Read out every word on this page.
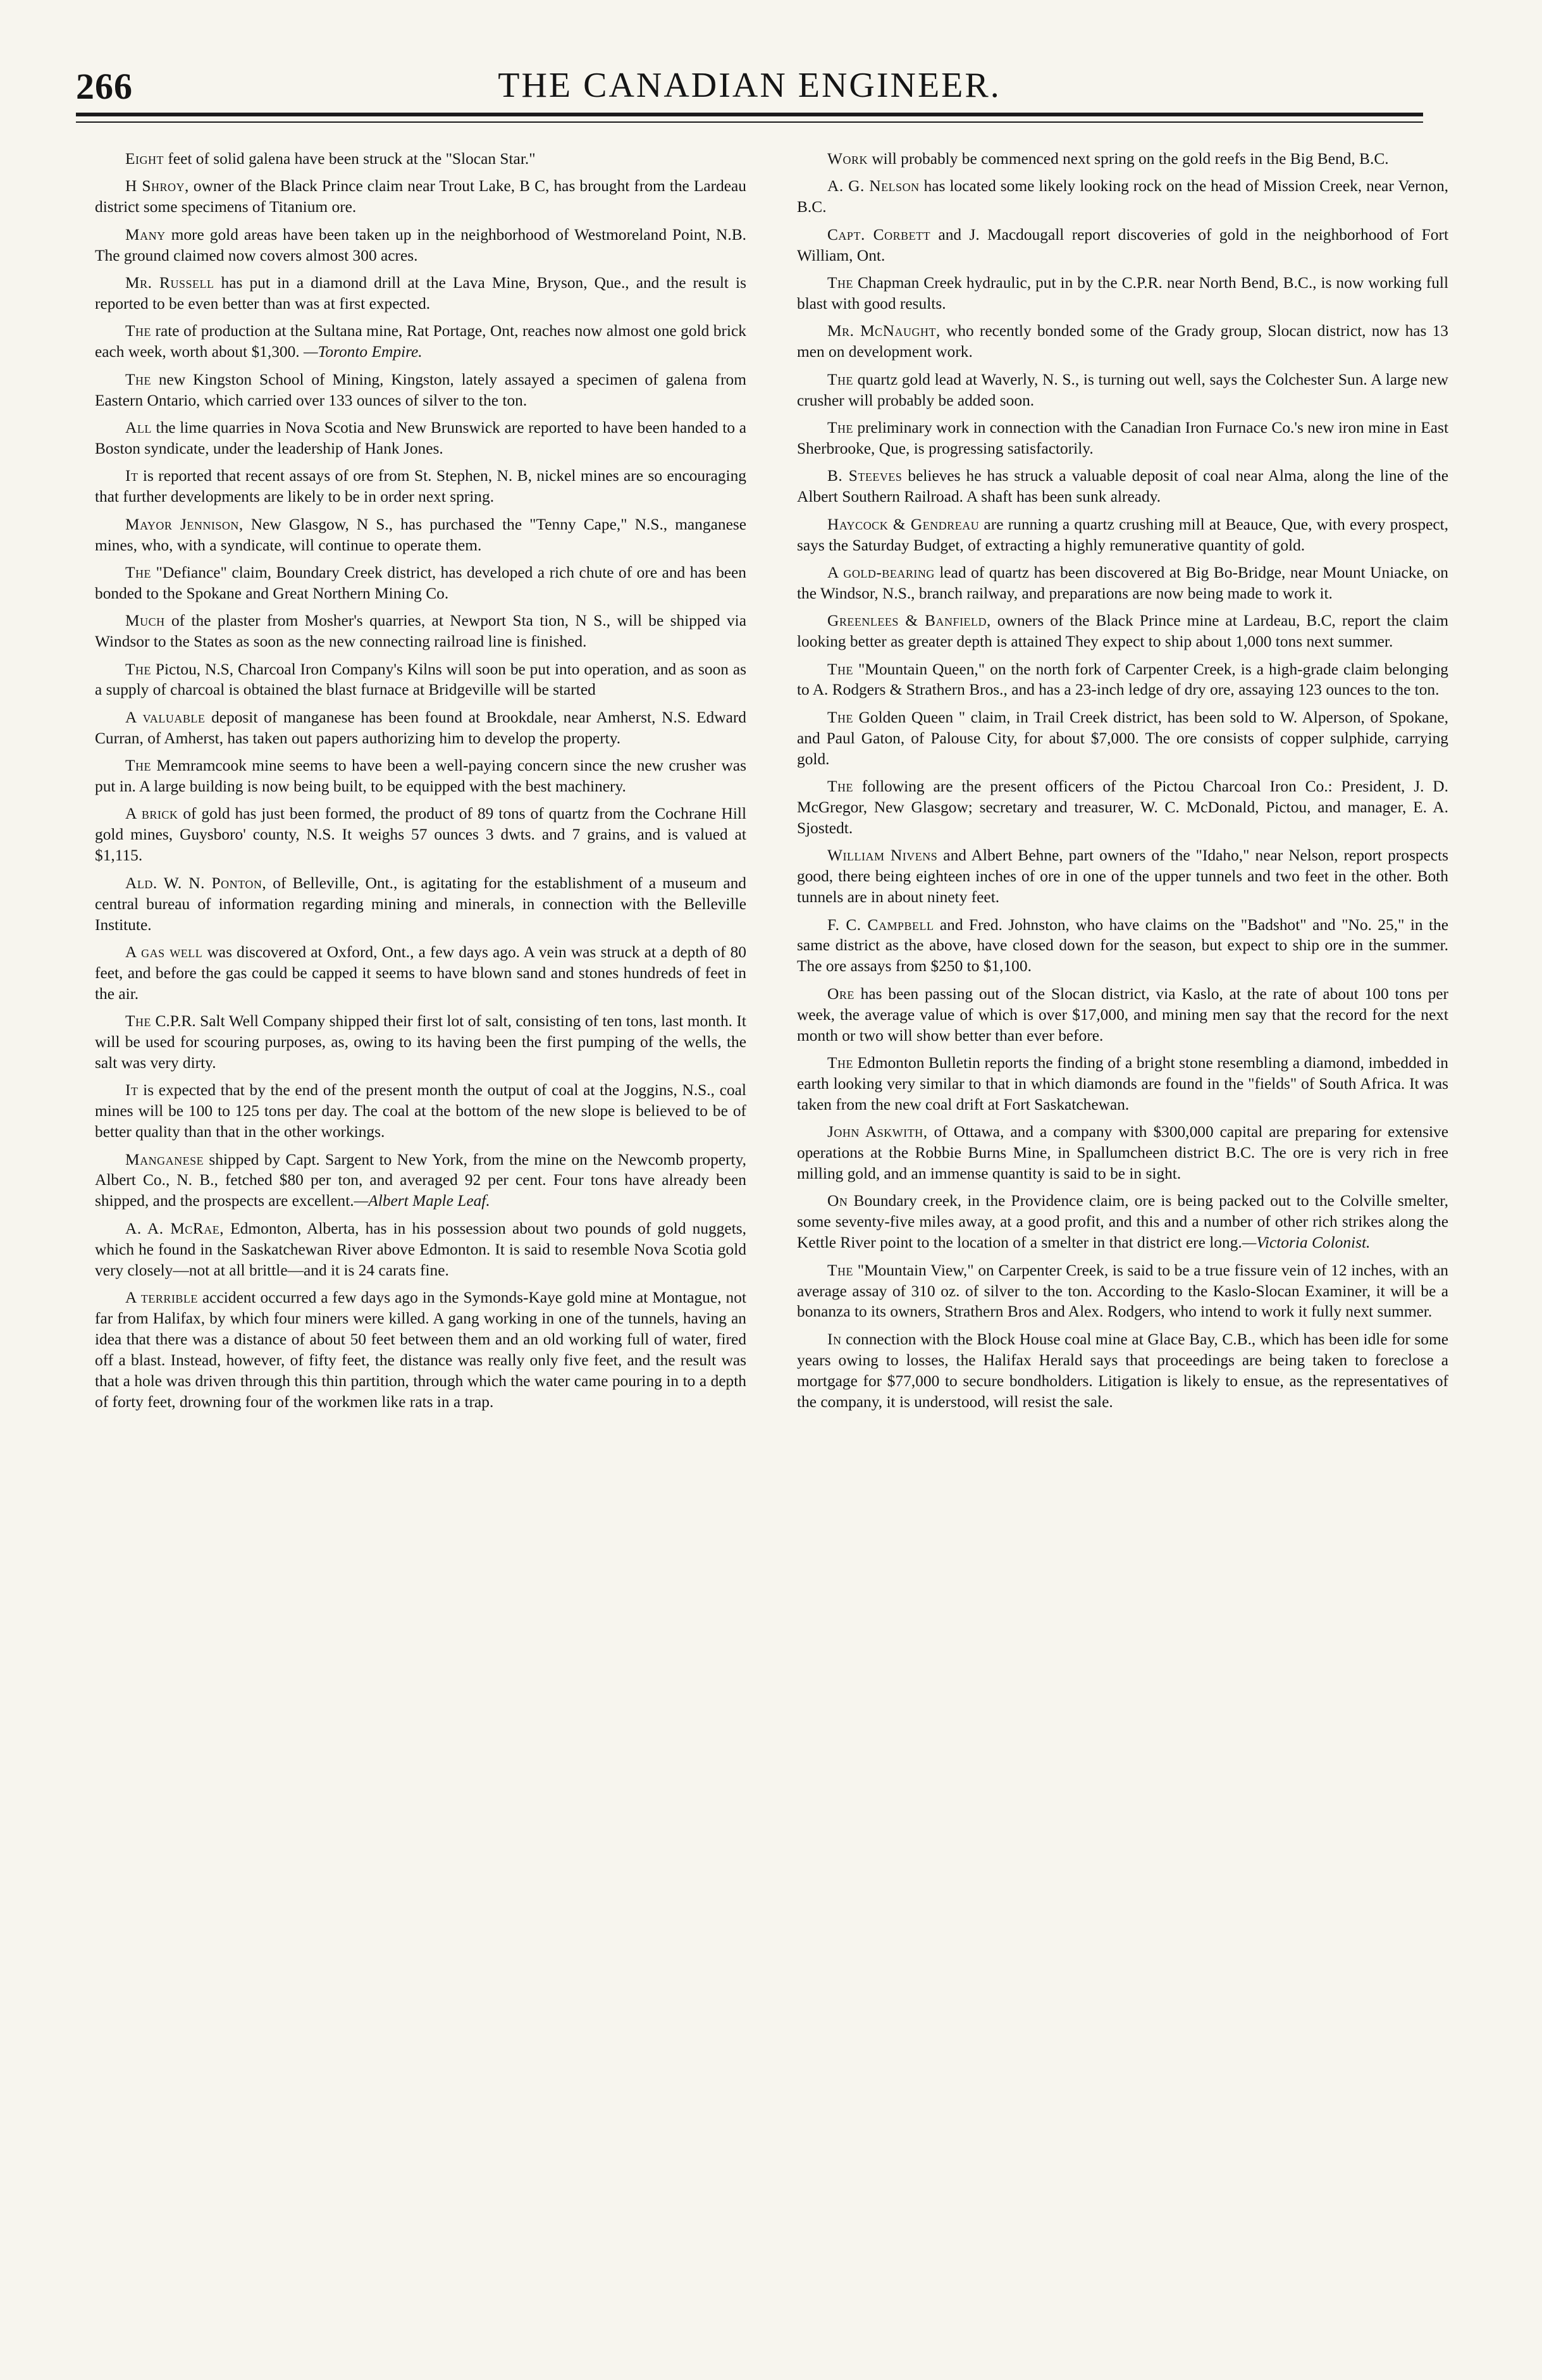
266	THE CANADIAN ENGINEER.

Eight feet of solid galena have been struck at the "Slocan Star."

H Shroy, owner of the Black Prince claim near Trout Lake, B C, has brought from the Lardeau district some specimens of Titanium ore.

Many more gold areas have been taken up in the neighborhood of Westmoreland Point, N.B. The ground claimed now covers almost 300 acres.

Mr. Russell has put in a diamond drill at the Lava Mine, Bryson, Que., and the result is reported to be even better than was at first expected.

The rate of production at the Sultana mine, Rat Portage, Ont, reaches now almost one gold brick each week, worth about $1,300. —Toronto Empire.

The new Kingston School of Mining, Kingston, lately assayed a specimen of galena from Eastern Ontario, which carried over 133 ounces of silver to the ton.

All the lime quarries in Nova Scotia and New Brunswick are reported to have been handed to a Boston syndicate, under the leadership of Hank Jones.

It is reported that recent assays of ore from St. Stephen, N. B, nickel mines are so encouraging that further developments are likely to be in order next spring.

Mayor Jennison, New Glasgow, N S., has purchased the "Tenny Cape," N.S., manganese mines, who, with a syndicate, will continue to operate them.

The "Defiance" claim, Boundary Creek district, has developed a rich chute of ore and has been bonded to the Spokane and Great Northern Mining Co.

Much of the plaster from Mosher's quarries, at Newport Sta tion, N S., will be shipped via Windsor to the States as soon as the new connecting railroad line is finished.

The Pictou, N.S, Charcoal Iron Company's Kilns will soon be put into operation, and as soon as a supply of charcoal is obtained the blast furnace at Bridgeville will be started

A valuable deposit of manganese has been found at Brookdale, near Amherst, N.S. Edward Curran, of Amherst, has taken out papers authorizing him to develop the property.

The Memramcook mine seems to have been a well-paying concern since the new crusher was put in. A large building is now being built, to be equipped with the best machinery.

A brick of gold has just been formed, the product of 89 tons of quartz from the Cochrane Hill gold mines, Guysboro' county, N.S. It weighs 57 ounces 3 dwts. and 7 grains, and is valued at $1,115.

Ald. W. N. Ponton, of Belleville, Ont., is agitating for the establishment of a museum and central bureau of information regarding mining and minerals, in connection with the Belleville Institute.

A gas well was discovered at Oxford, Ont., a few days ago. A vein was struck at a depth of 80 feet, and before the gas could be capped it seems to have blown sand and stones hundreds of feet in the air.

The C.P.R. Salt Well Company shipped their first lot of salt, consisting of ten tons, last month. It will be used for scouring purposes, as, owing to its having been the first pumping of the wells, the salt was very dirty.

It is expected that by the end of the present month the output of coal at the Joggins, N.S., coal mines will be 100 to 125 tons per day. The coal at the bottom of the new slope is believed to be of better quality than that in the other workings.

Manganese shipped by Capt. Sargent to New York, from the mine on the Newcomb property, Albert Co., N. B., fetched $80 per ton, and averaged 92 per cent. Four tons have already been shipped, and the prospects are excellent.—Albert Maple Leaf.

A. A. McRae, Edmonton, Alberta, has in his possession about two pounds of gold nuggets, which he found in the Saskatchewan River above Edmonton. It is said to resemble Nova Scotia gold very closely—not at all brittle—and it is 24 carats fine.

A terrible accident occurred a few days ago in the Symonds-Kaye gold mine at Montague, not far from Halifax, by which four miners were killed. A gang working in one of the tunnels, having an idea that there was a distance of about 50 feet between them and an old working full of water, fired off a blast. Instead, however, of fifty feet, the distance was really only five feet, and the result was that a hole was driven through this thin partition, through which the water came pouring in to a depth of forty feet, drowning four of the workmen like rats in a trap.

Work will probably be commenced next spring on the gold reefs in the Big Bend, B.C.

A. G. Nelson has located some likely looking rock on the head of Mission Creek, near Vernon, B.C.

Capt. Corbett and J. Macdougall report discoveries of gold in the neighborhood of Fort William, Ont.

The Chapman Creek hydraulic, put in by the C.P.R. near North Bend, B.C., is now working full blast with good results.

Mr. McNaught, who recently bonded some of the Grady group, Slocan district, now has 13 men on development work.

The quartz gold lead at Waverly, N. S., is turning out well, says the Colchester Sun. A large new crusher will probably be added soon.

The preliminary work in connection with the Canadian Iron Furnace Co.'s new iron mine in East Sherbrooke, Que, is progressing satisfactorily.

B. Steeves believes he has struck a valuable deposit of coal near Alma, along the line of the Albert Southern Railroad. A shaft has been sunk already.

Haycock & Gendreau are running a quartz crushing mill at Beauce, Que, with every prospect, says the Saturday Budget, of extracting a highly remunerative quantity of gold.

A gold-bearing lead of quartz has been discovered at Big Bo-Bridge, near Mount Uniacke, on the Windsor, N.S., branch railway, and preparations are now being made to work it.

Greenlees & Banfield, owners of the Black Prince mine at Lardeau, B.C, report the claim looking better as greater depth is attained They expect to ship about 1,000 tons next summer.

The "Mountain Queen," on the north fork of Carpenter Creek, is a high-grade claim belonging to A. Rodgers & Strathern Bros., and has a 23-inch ledge of dry ore, assaying 123 ounces to the ton.

The Golden Queen " claim, in Trail Creek district, has been sold to W. Alperson, of Spokane, and Paul Gaton, of Palouse City, for about $7,000. The ore consists of copper sulphide, carrying gold.

The following are the present officers of the Pictou Charcoal Iron Co.: President, J. D. McGregor, New Glasgow; secretary and treasurer, W. C. McDonald, Pictou, and manager, E. A. Sjostedt.

William Nivens and Albert Behne, part owners of the "Idaho," near Nelson, report prospects good, there being eighteen inches of ore in one of the upper tunnels and two feet in the other. Both tunnels are in about ninety feet.

F. C. Campbell and Fred. Johnston, who have claims on the "Badshot" and "No. 25," in the same district as the above, have closed down for the season, but expect to ship ore in the summer. The ore assays from $250 to $1,100.

Ore has been passing out of the Slocan district, via Kaslo, at the rate of about 100 tons per week, the average value of which is over $17,000, and mining men say that the record for the next month or two will show better than ever before.

The Edmonton Bulletin reports the finding of a bright stone resembling a diamond, imbedded in earth looking very similar to that in which diamonds are found in the "fields" of South Africa. It was taken from the new coal drift at Fort Saskatchewan.

John Askwith, of Ottawa, and a company with $300,000 capital are preparing for extensive operations at the Robbie Burns Mine, in Spallumcheen district B.C. The ore is very rich in free milling gold, and an immense quantity is said to be in sight.

On Boundary creek, in the Providence claim, ore is being packed out to the Colville smelter, some seventy-five miles away, at a good profit, and this and a number of other rich strikes along the Kettle River point to the location of a smelter in that district ere long.—Victoria Colonist.

The "Mountain View," on Carpenter Creek, is said to be a true fissure vein of 12 inches, with an average assay of 310 oz. of silver to the ton. According to the Kaslo-Slocan Examiner, it will be a bonanza to its owners, Strathern Bros and Alex. Rodgers, who intend to work it fully next summer.

In connection with the Block House coal mine at Glace Bay, C.B., which has been idle for some years owing to losses, the Halifax Herald says that proceedings are being taken to foreclose a mortgage for $77,000 to secure bondholders. Litigation is likely to ensue, as the representatives of the company, it is understood, will resist the sale.
